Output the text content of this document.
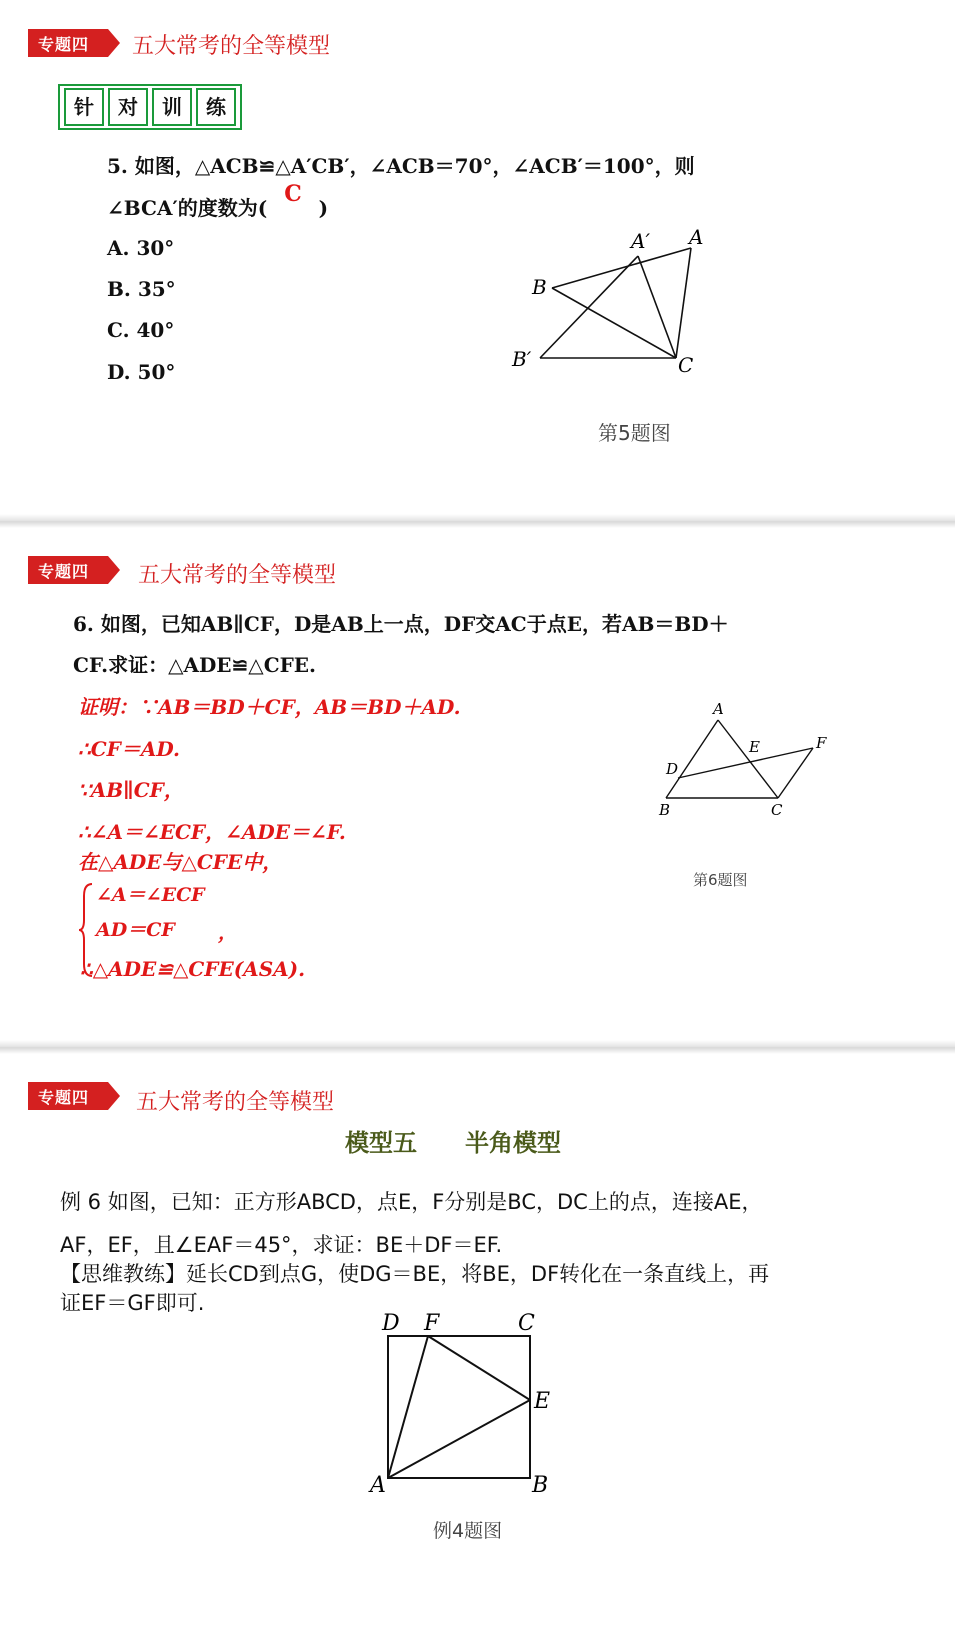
专题四 五大常考的全等模型
针	对	训	练
5. 如图，△ACB≌△A′CB′，∠ACB＝70°，∠ACB′＝100°，则
∠BCA′的度数为( C )
A. 30°
B. 35°
C. 40°
D. 50°
A′ A
B
B′	C
第5题图
专题四 五大常考的全等模型
6. 如图，已知AB∥CF，D是AB上一点，DF交AC于点E，若AB＝BD＋
CF.求证：△ADE≌△CFE.
证明：∵AB＝BD＋CF，AB＝BD＋AD.
∴CF＝AD.
∵AB∥CF，
∴∠A＝∠ECF，∠ADE＝∠F.
在△ADE与△CFE中，
∠A＝∠ECF
AD＝CF ，
∴△ADE≌△CFE(ASA).
A
E	F
D
B	C
第6题图
专题四 五大常考的全等模型
模型五　　半角模型
例 6 如图，已知：正方形ABCD，点E，F分别是BC，DC上的点，连接AE，
AF，EF，且∠EAF＝45°，求证：BE＋DF＝EF.
【思维教练】延长CD到点G，使DG＝BE，将BE，DF转化在一条直线上，再
证EF＝GF即可.
D F	C
E
A	B
例4题图
